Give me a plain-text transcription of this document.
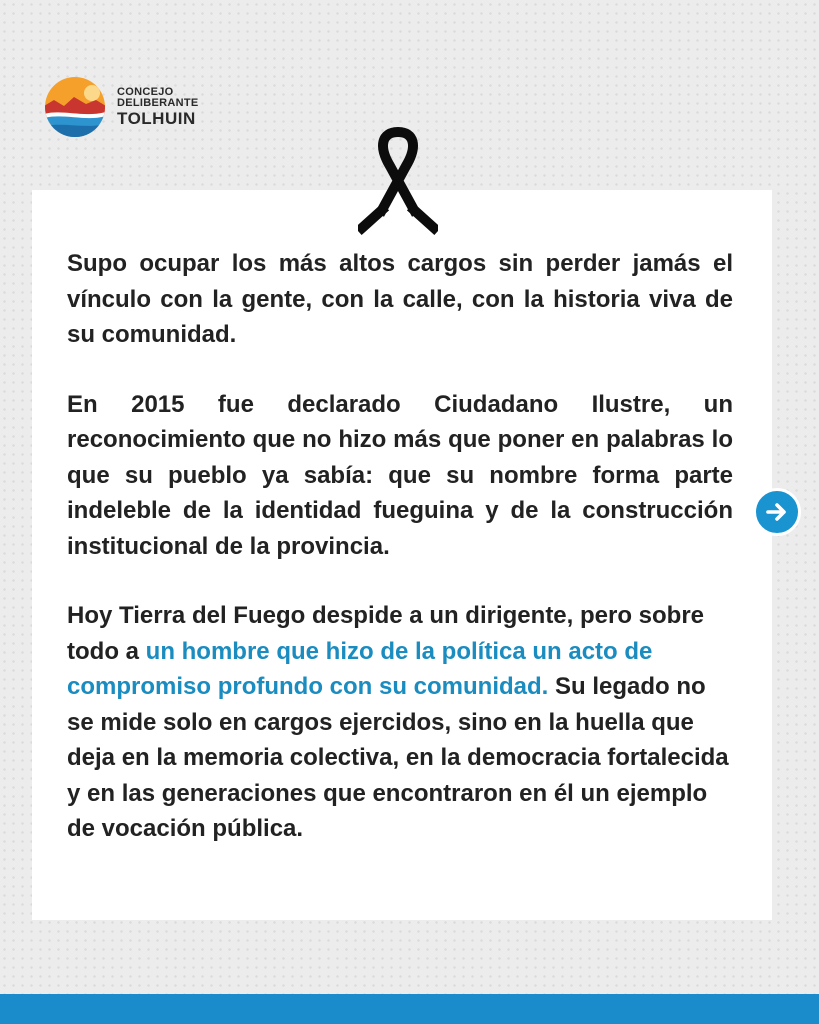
CONCEJO
DELIBERANTE
TOLHUIN

Supo ocupar los más altos cargos sin perder jamás el vínculo con la gente, con la calle, con la historia viva de su comunidad.

En 2015 fue declarado Ciudadano Ilustre, un reconocimiento que no hizo más que poner en palabras lo que su pueblo ya sabía: que su nombre forma parte indeleble de la identidad fueguina y de la construcción institucional de la provincia.

Hoy Tierra del Fuego despide a un dirigente, pero sobre todo a un hombre que hizo de la política un acto de compromiso profundo con su comunidad. Su legado no se mide solo en cargos ejercidos, sino en la huella que deja en la memoria colectiva, en la democracia fortalecida y en las generaciones que encontraron en él un ejemplo de vocación pública.
